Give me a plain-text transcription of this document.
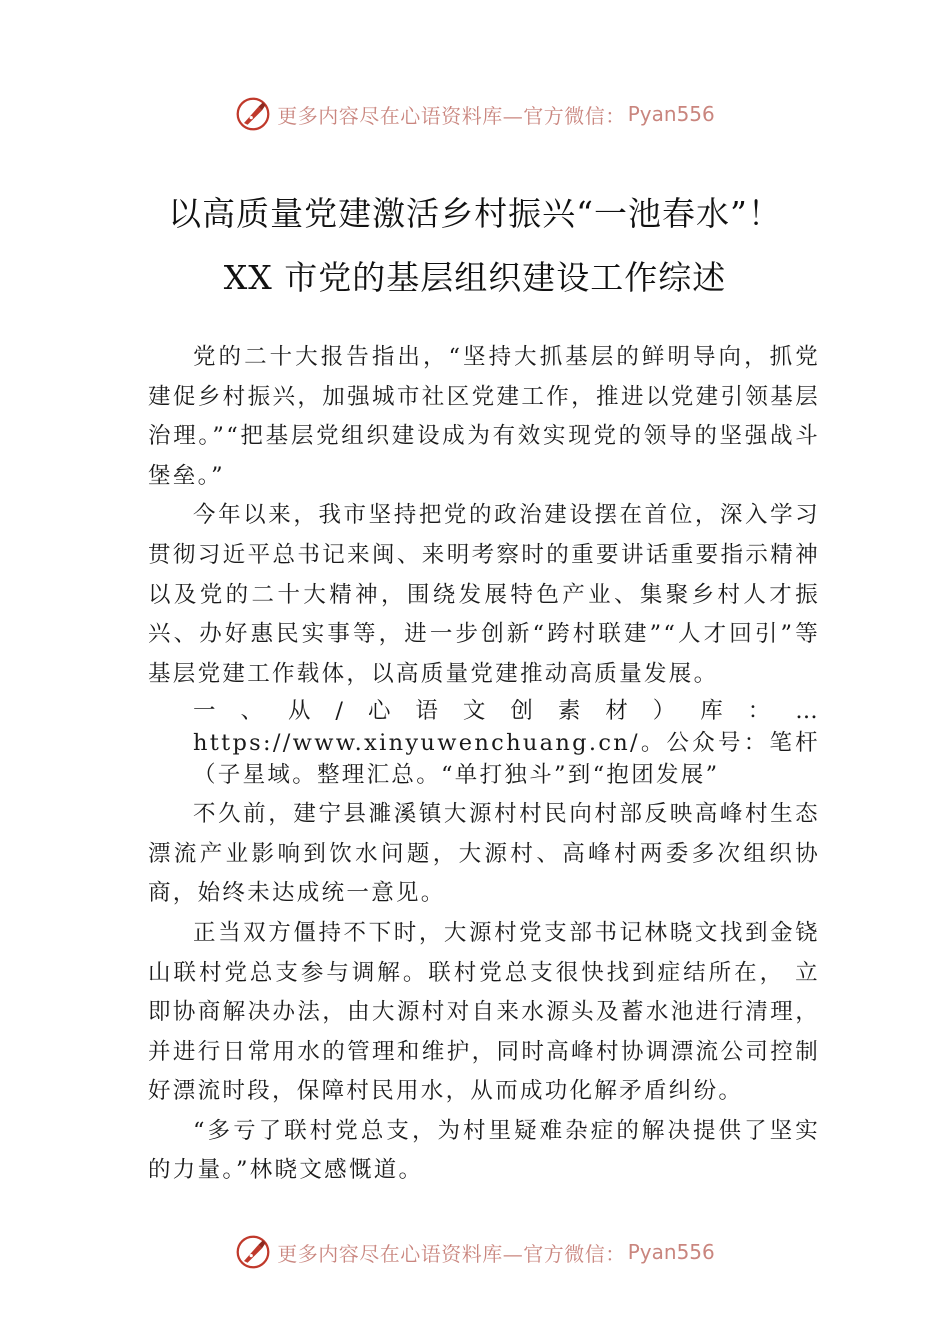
更多内容尽在心语资料库—官方微信： Pyan556
以高质量党建激活乡村振兴“一池春水”！
XX 市党的基层组织建设工作综述

党的二十大报告指出，“坚持大抓基层的鲜明导向，抓党建促乡村振兴，加强城市社区党建工作，推进以党建引领基层治理。”“把基层党组织建设成为有效实现党的领导的坚强战斗堡垒。”

今年以来，我市坚持把党的政治建设摆在首位，深入学习贯彻习近平总书记来闽、来明考察时的重要讲话重要指示精神以及党的二十大精神，围绕发展特色产业、集聚乡村人才振兴、办好惠民实事等，进一步创新“跨村联建”“人才回引”等基层党建工作载体，以高质量党建推动高质量发展。

一、从/心语文创素材）库：…https://www.xinyuwenchuang.cn/。公众号：笔杆（子星域。整理汇总。“单打独斗”到“抱团发展”

不久前，建宁县濉溪镇大源村村民向村部反映高峰村生态漂流产业影响到饮水问题，大源村、高峰村两委多次组织协商，始终未达成统一意见。

正当双方僵持不下时，大源村党支部书记林晓文找到金铙山联村党总支参与调解。联村党总支很快找到症结所在， 立即协商解决办法，由大源村对自来水源头及蓄水池进行清理，并进行日常用水的管理和维护，同时高峰村协调漂流公司控制好漂流时段，保障村民用水，从而成功化解矛盾纠纷。

“多亏了联村党总支，为村里疑难杂症的解决提供了坚实的力量。”林晓文感慨道。

更多内容尽在心语资料库—官方微信： Pyan556
